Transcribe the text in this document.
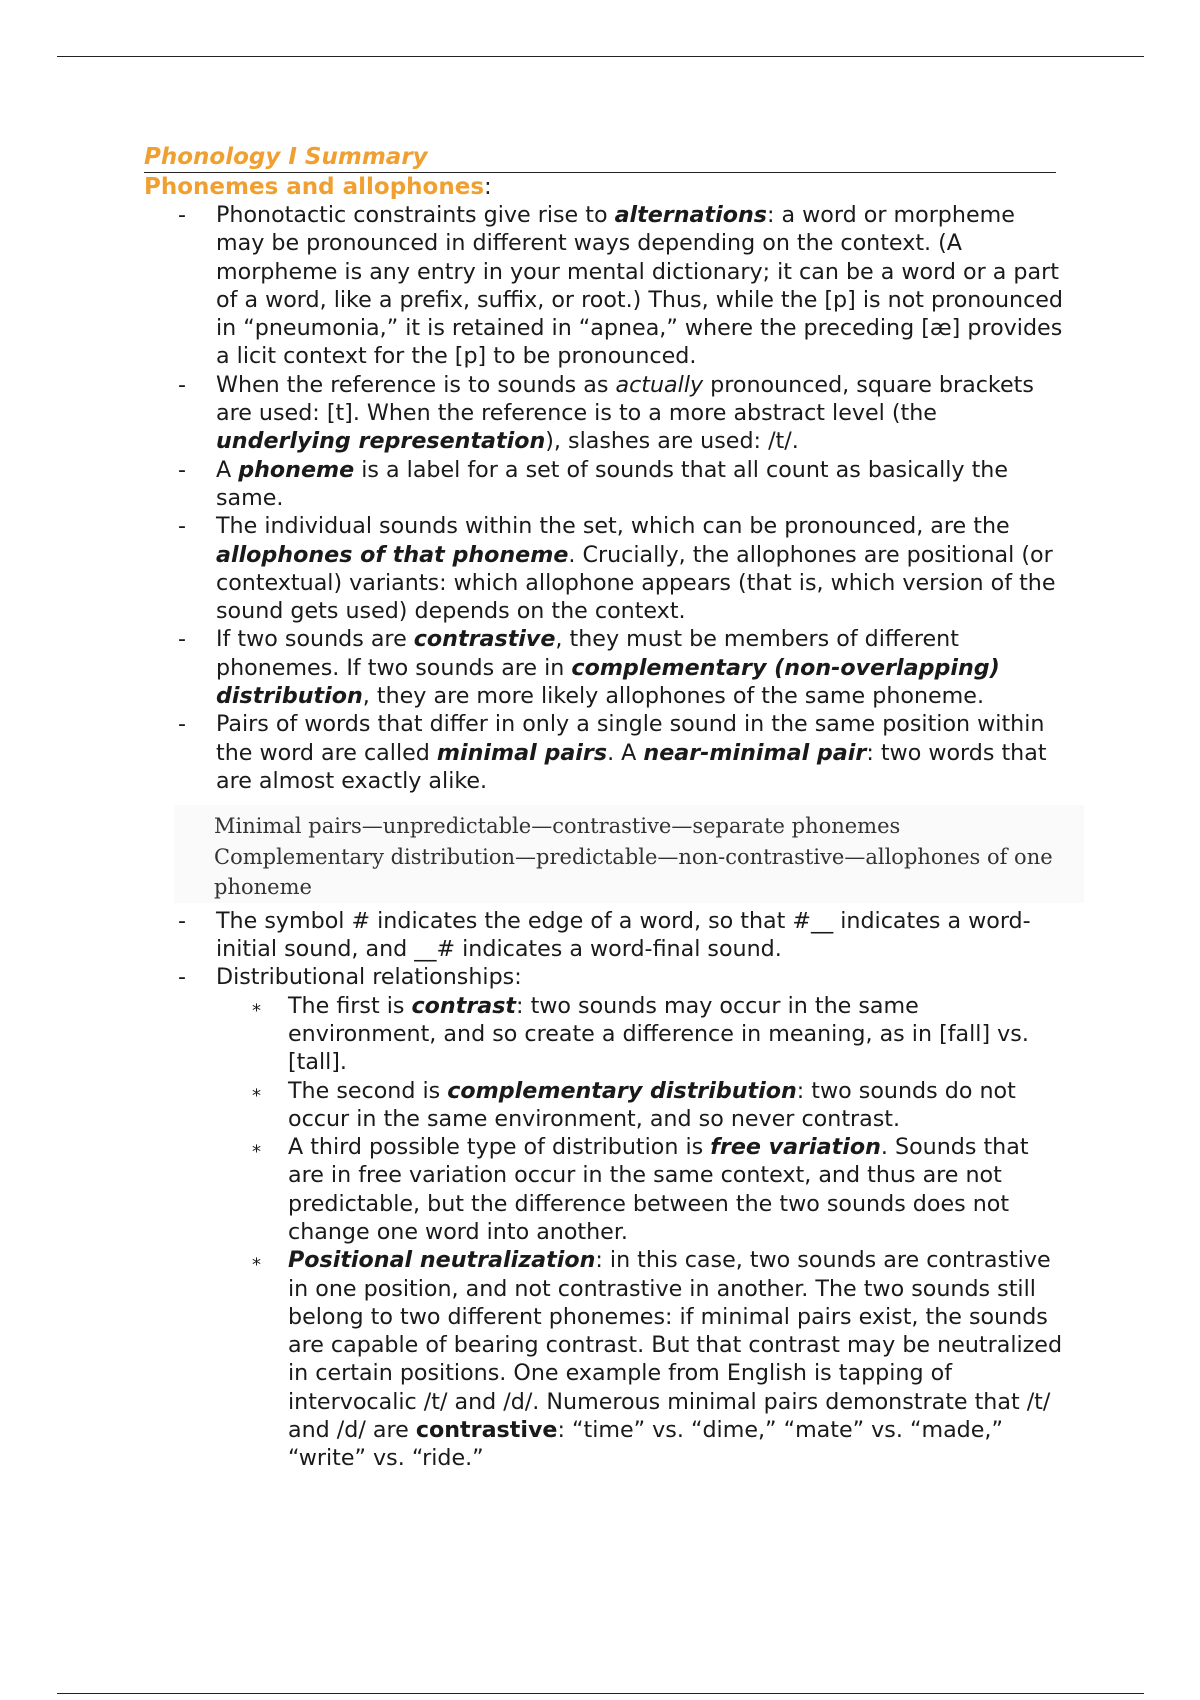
Phonology I Summary
Phonemes and allophones:
- Phonotactic constraints give rise to alternations: a word or morpheme may be pronounced in different ways depending on the context. (A morpheme is any entry in your mental dictionary; it can be a word or a part of a word, like a prefix, suffix, or root.) Thus, while the [p] is not pronounced in “pneumonia,” it is retained in “apnea,” where the preceding [æ] provides a licit context for the [p] to be pronounced.
- When the reference is to sounds as actually pronounced, square brackets are used: [t]. When the reference is to a more abstract level (the underlying representation), slashes are used: /t/.
- A phoneme is a label for a set of sounds that all count as basically the same.
- The individual sounds within the set, which can be pronounced, are the allophones of that phoneme. Crucially, the allophones are positional (or contextual) variants: which allophone appears (that is, which version of the sound gets used) depends on the context.
- If two sounds are contrastive, they must be members of different phonemes. If two sounds are in complementary (non-overlapping) distribution, they are more likely allophones of the same phoneme.
- Pairs of words that differ in only a single sound in the same position within the word are called minimal pairs. A near-minimal pair: two words that are almost exactly alike.

Minimal pairs—unpredictable—contrastive—separate phonemes

Complementary distribution—predictable—non-contrastive—allophones of one phoneme

- The symbol # indicates the edge of a word, so that #__ indicates a word-initial sound, and __# indicates a word-final sound.
- Distributional relationships:
⁎ The first is contrast: two sounds may occur in the same environment, and so create a difference in meaning, as in [fall] vs. [tall].
⁎ The second is complementary distribution: two sounds do not occur in the same environment, and so never contrast.
⁎ A third possible type of distribution is free variation. Sounds that are in free variation occur in the same context, and thus are not predictable, but the difference between the two sounds does not change one word into another.
⁎ Positional neutralization: in this case, two sounds are contrastive in one position, and not contrastive in another. The two sounds still belong to two different phonemes: if minimal pairs exist, the sounds are capable of bearing contrast. But that contrast may be neutralized in certain positions. One example from English is tapping of intervocalic /t/ and /d/. Numerous minimal pairs demonstrate that /t/ and /d/ are contrastive: “time” vs. “dime,” “mate” vs. “made,” “write” vs. “ride.”
